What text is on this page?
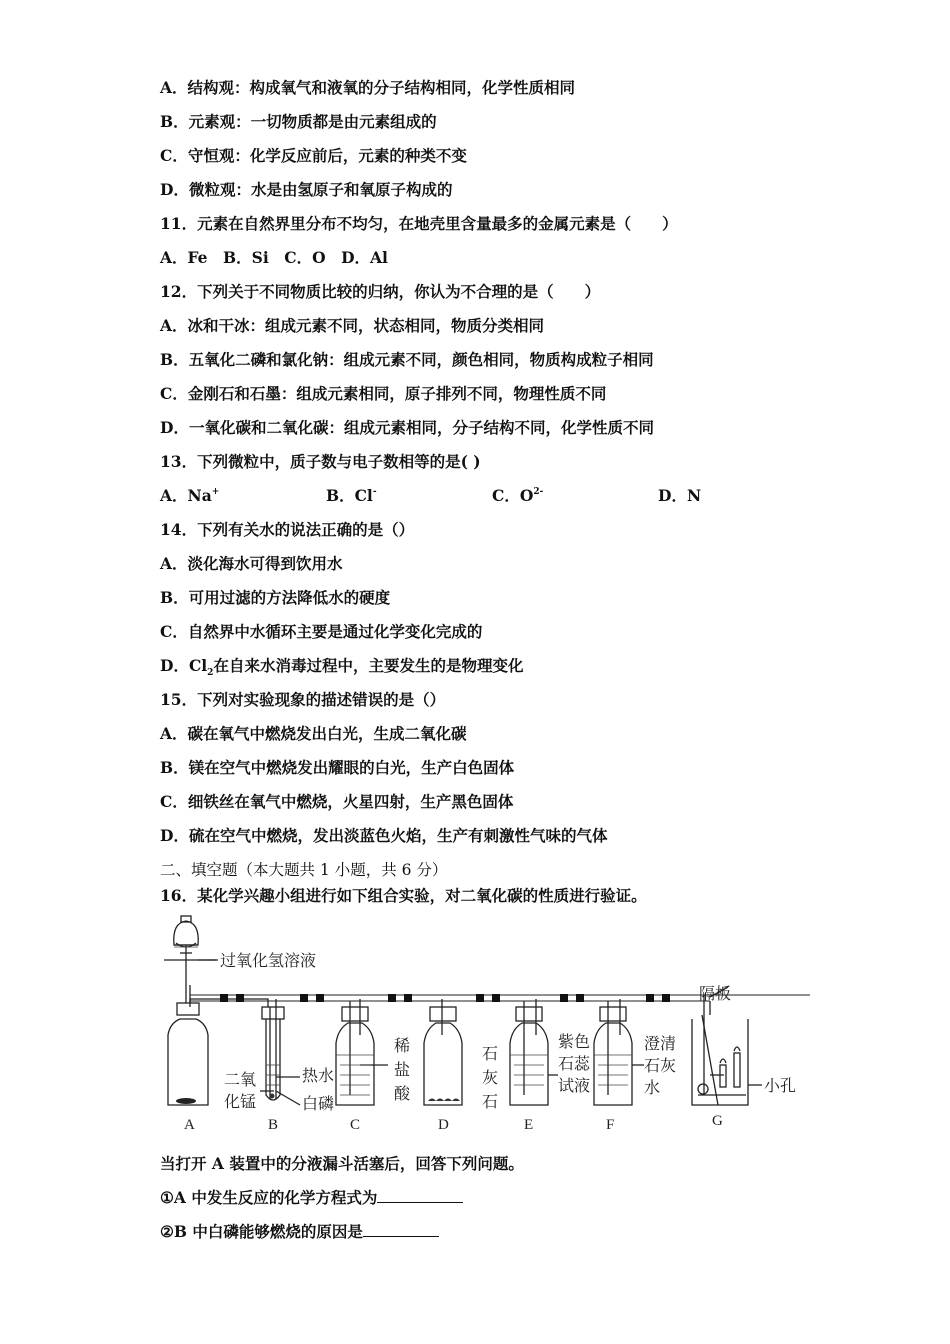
A．结构观：构成氧气和液氧的分子结构相同，化学性质相同
B．元素观：一切物质都是由元素组成的
C．守恒观：化学反应前后，元素的种类不变
D．微粒观：水是由氢原子和氧原子构成的
11．元素在自然界里分布不均匀，在地壳里含量最多的金属元素是（　　）
A．Fe　B．Si　C．O　D．Al
12．下列关于不同物质比较的归纳，你认为不合理的是（　　）
A．冰和干冰：组成元素不同，状态相同，物质分类相同
B．五氧化二磷和氯化钠：组成元素不同，颜色相同，物质构成粒子相同
C．金刚石和石墨：组成元素相同，原子排列不同，物理性质不同
D．一氧化碳和二氧化碳：组成元素相同，分子结构不同，化学性质不同
13．下列微粒中，质子数与电子数相等的是( )
A．Na+	B．Cl-	C．$O^{2-}$	D．N
14．下列有关水的说法正确的是（）
A．淡化海水可得到饮用水
B．可用过滤的方法降低水的硬度
C．自然界中水循环主要是通过化学变化完成的
D．$Cl_2$在自来水消毒过程中，主要发生的是物理变化
15．下列对实验现象的描述错误的是（）
A．碳在氧气中燃烧发出白光，生成二氧化碳
B．镁在空气中燃烧发出耀眼的白光，生产白色固体
C．细铁丝在氧气中燃烧，火星四射，生产黑色固体
D．硫在空气中燃烧，发出淡蓝色火焰，生产有刺激性气味的气体
二、填空题（本大题共 1 小题，共 6 分）
16．某化学兴趣小组进行如下组合实验，对二氧化碳的性质进行验证。
过氧化氢溶液
隔板
小孔
二氧
化锰
热水
白磷
稀
盐
酸
石
灰
石
紫色
石蕊
试液
澄清
石灰
水
A	B	C	D	E	F	G
当打开 A 装置中的分液漏斗活塞后，回答下列问题。
①A 中发生反应的化学方程式为
②B 中白磷能够燃烧的原因是
